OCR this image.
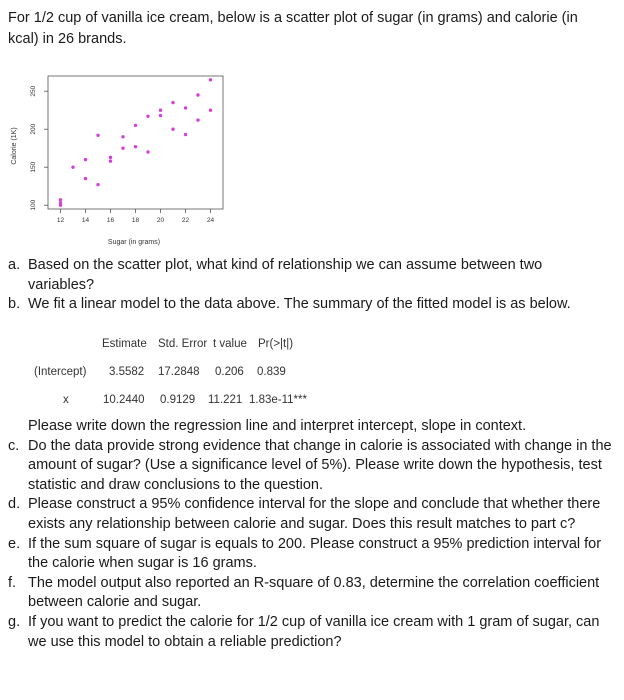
For 1/2 cup of vanilla ice cream, below is a scatter plot of sugar (in grams) and calorie (in kcal) in 26 brands.

100
150
200
250
12	14	16	18	20	22	24
Sugar (in grams)
Calorie (1K)
a. Based on the scatter plot, what kind of relationship we can assume between two variables?
b. We fit a linear model to the data above. The summary of the fitted model is as below.
Estimate Std. Error t value Pr(>|t|)
(Intercept) 3.5582 17.2848 0.206 0.839
x	10.2440 0.9129 11.221 1.83e-11***
Please write down the regression line and interpret intercept, slope in context.
c. Do the data provide strong evidence that change in calorie is associated with change in the amount of sugar? (Use a significance level of 5%). Please write down the hypothesis, test statistic and draw conclusions to the question.
d. Please construct a 95% confidence interval for the slope and conclude that whether there exists any relationship between calorie and sugar. Does this result matches to part c?
e. If the sum square of sugar is equals to 200. Please construct a 95% prediction interval for the calorie when sugar is 16 grams.
f. The model output also reported an R-square of 0.83, determine the correlation coefficient between calorie and sugar.
g. If you want to predict the calorie for 1/2 cup of vanilla ice cream with 1 gram of sugar, can we use this model to obtain a reliable prediction?
